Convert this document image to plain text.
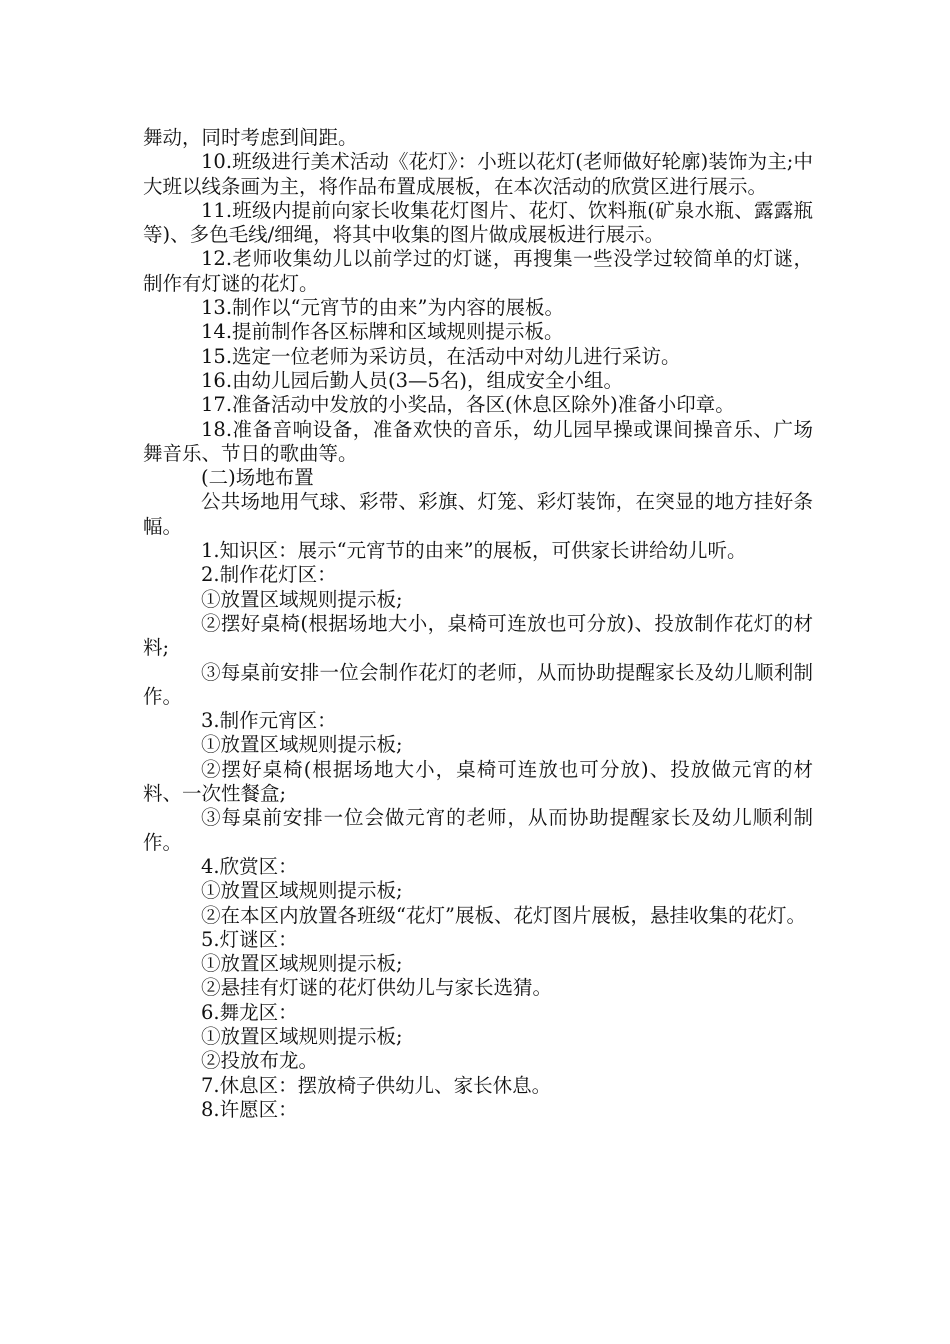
舞动，同时考虑到间距。

10.班级进行美术活动《花灯》：小班以花灯(老师做好轮廓)装饰为主;中大班以线条画为主，将作品布置成展板，在本次活动的欣赏区进行展示。

11.班级内提前向家长收集花灯图片、花灯、饮料瓶(矿泉水瓶、露露瓶等)、多色毛线/细绳，将其中收集的图片做成展板进行展示。

12.老师收集幼儿以前学过的灯谜，再搜集一些没学过较简单的灯谜，制作有灯谜的花灯。

13.制作以“元宵节的由来”为内容的展板。

14.提前制作各区标牌和区域规则提示板。

15.选定一位老师为采访员，在活动中对幼儿进行采访。

16.由幼儿园后勤人员(3—5名)，组成安全小组。

17.准备活动中发放的小奖品，各区(休息区除外)准备小印章。

18.准备音响设备，准备欢快的音乐，幼儿园早操或课间操音乐、广场舞音乐、节日的歌曲等。

(二)场地布置

公共场地用气球、彩带、彩旗、灯笼、彩灯装饰，在突显的地方挂好条幅。

1.知识区：展示“元宵节的由来”的展板，可供家长讲给幼儿听。

2.制作花灯区：

①放置区域规则提示板;

②摆好桌椅(根据场地大小，桌椅可连放也可分放)、投放制作花灯的材料;

③每桌前安排一位会制作花灯的老师，从而协助提醒家长及幼儿顺利制作。

3.制作元宵区：

①放置区域规则提示板;

②摆好桌椅(根据场地大小，桌椅可连放也可分放)、投放做元宵的材料、一次性餐盒;

③每桌前安排一位会做元宵的老师，从而协助提醒家长及幼儿顺利制作。

4.欣赏区：

①放置区域规则提示板;

②在本区内放置各班级“花灯”展板、花灯图片展板，悬挂收集的花灯。

5.灯谜区：

①放置区域规则提示板;

②悬挂有灯谜的花灯供幼儿与家长选猜。

6.舞龙区：

①放置区域规则提示板;

②投放布龙。

7.休息区：摆放椅子供幼儿、家长休息。

8.许愿区：
